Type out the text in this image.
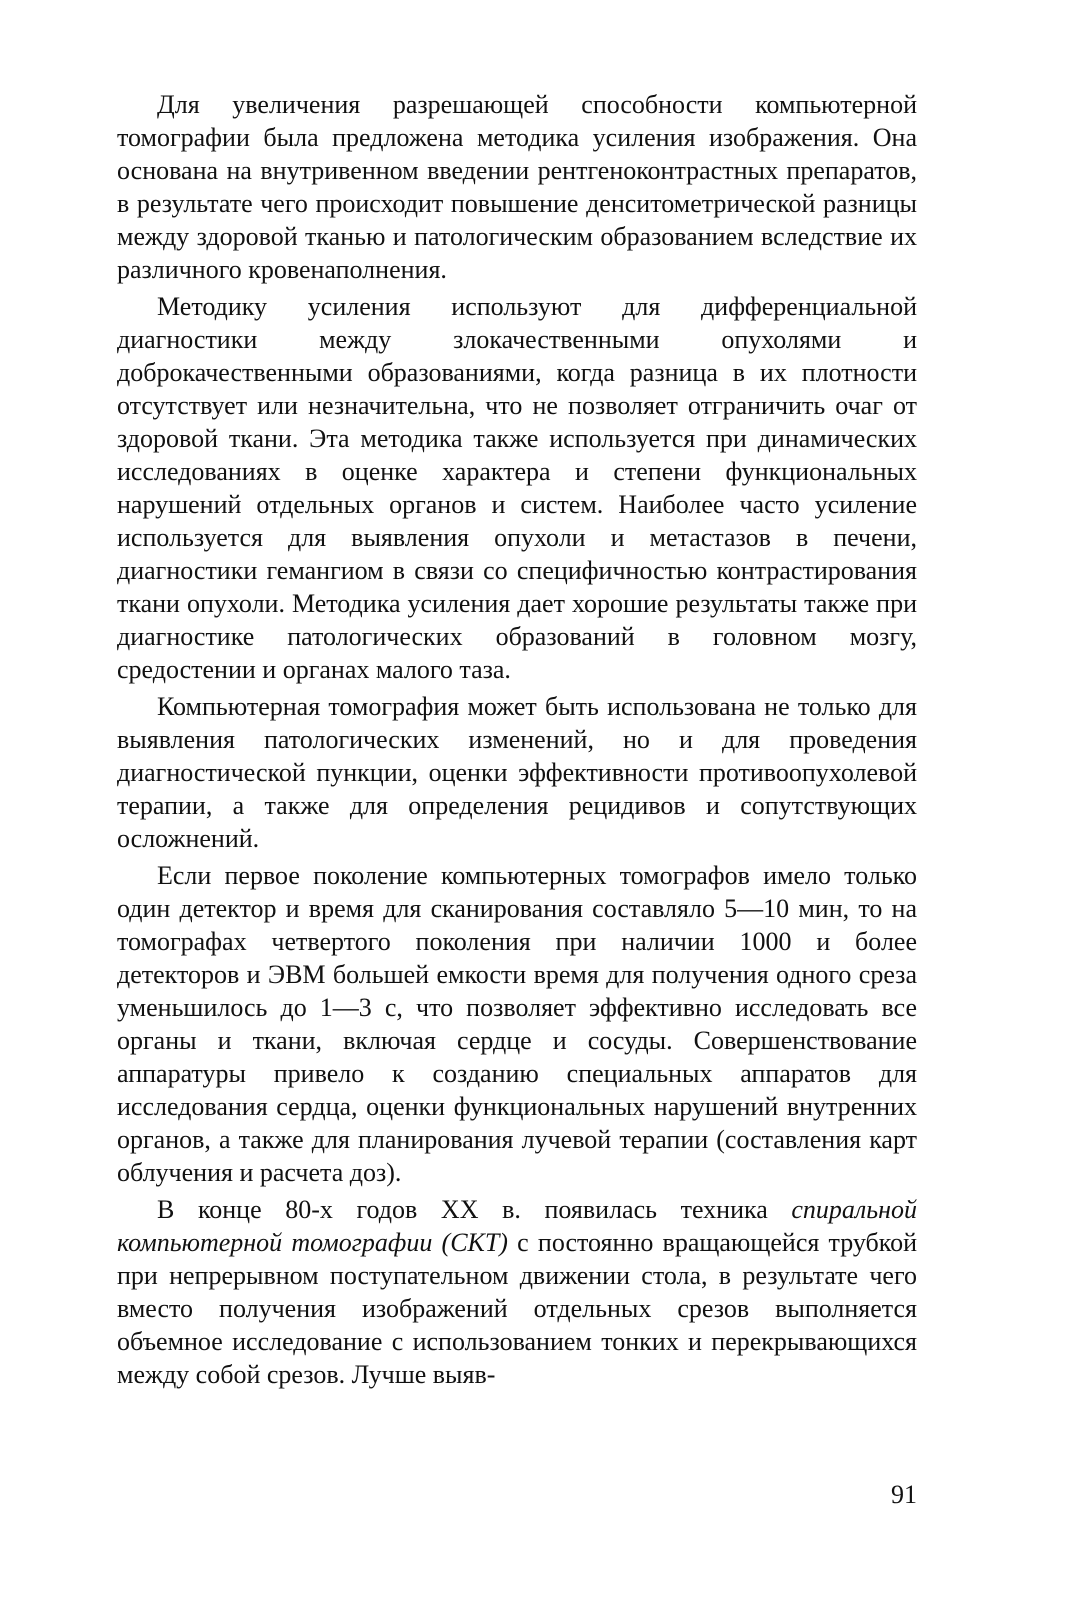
Для увеличения разрешающей способности компьютерной томографии была предложена методика усиления изображения. Она основана на внутривенном введении рентгеноконтрастных препаратов, в результате чего происходит повышение денситометрической разницы между здоровой тканью и патологическим образованием вследствие их различного кровенаполнения.

Методику усиления используют для дифференциальной диагностики между злокачественными опухолями и доброкачественными образованиями, когда разница в их плотности отсутствует или незначительна, что не позволяет отграничить очаг от здоровой ткани. Эта методика также используется при динамических исследованиях в оценке характера и степени функциональных нарушений отдельных органов и систем. Наиболее часто усиление используется для выявления опухоли и метастазов в печени, диагностики гемангиом в связи со специфичностью контрастирования ткани опухоли. Методика усиления дает хорошие результаты также при диагностике патологических образований в головном мозгу, средостении и органах малого таза.

Компьютерная томография может быть использована не только для выявления патологических изменений, но и для проведения диагностической пункции, оценки эффективности противоопухолевой терапии, а также для определения рецидивов и сопутствующих осложнений.

Если первое поколение компьютерных томографов имело только один детектор и время для сканирования составляло 5—10 мин, то на томографах четвертого поколения при наличии 1000 и более детекторов и ЭВМ большей емкости время для получения одного среза уменьшилось до 1—3 с, что позволяет эффективно исследовать все органы и ткани, включая сердце и сосуды. Совершенствование аппаратуры привело к созданию специальных аппаратов для исследования сердца, оценки функциональных нарушений внутренних органов, а также для планирования лучевой терапии (составления карт облучения и расчета доз).

В конце 80-х годов XX в. появилась техника спиральной компьютерной томографии (СКТ) с постоянно вращающейся трубкой при непрерывном поступательном движении стола, в результате чего вместо получения изображений отдельных срезов выполняется объемное исследование с использованием тонких и перекрывающихся между собой срезов. Лучше выяв-

91
